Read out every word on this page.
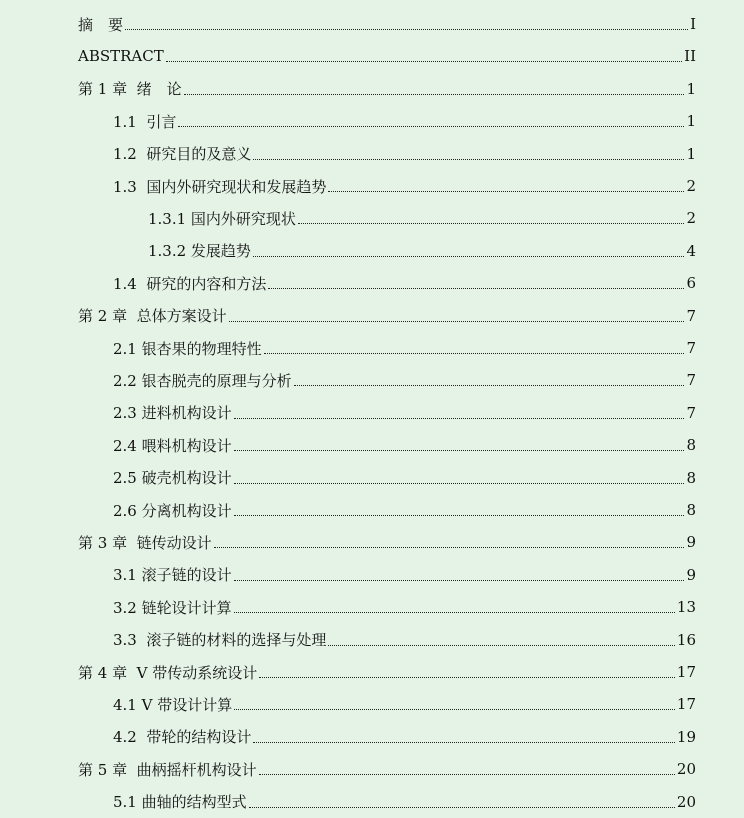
摘　要	I
ABSTRACT	II
第 1 章  绪　论	1
1.1  引言	1
1.2  研究目的及意义	1
1.3  国内外研究现状和发展趋势	2
1.3.1 国内外研究现状	2
1.3.2 发展趋势	4
1.4  研究的内容和方法	6
第 2 章  总体方案设计	7
2.1 银杏果的物理特性	7
2.2 银杏脱壳的原理与分析	7
2.3 进料机构设计	7
2.4 喂料机构设计	8
2.5 破壳机构设计	8
2.6 分离机构设计	8
第 3 章  链传动设计	9
3.1 滚子链的设计	9
3.2 链轮设计计算	13
3.3  滚子链的材料的选择与处理	16
第 4 章  V 带传动系统设计	17
4.1 V 带设计计算	17
4.2  带轮的结构设计	19
第 5 章  曲柄摇杆机构设计	20
5.1 曲轴的结构型式	20
